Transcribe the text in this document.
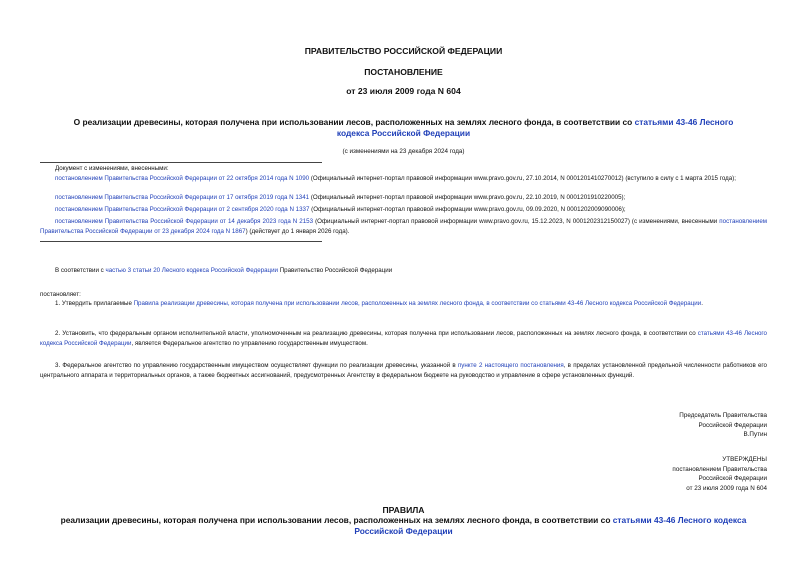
ПРАВИТЕЛЬСТВО РОССИЙСКОЙ ФЕДЕРАЦИИ
ПОСТАНОВЛЕНИЕ
от 23 июля 2009 года N 604
О реализации древесины, которая получена при использовании лесов, расположенных на землях лесного фонда, в соответствии со статьями 43-46 Лесного
кодекса Российской Федерации
(с изменениями на 23 декабря 2024 года)
Документ с изменениями, внесенными:
постановлением Правительства Российской Федерации от 22 октября 2014 года N 1090 (Официальный интернет-портал правовой информации www.pravo.gov.ru, 27.10.2014, N 0001201410270012) (вступило в силу с 1 марта 2015 года);
постановлением Правительства Российской Федерации от 17 октября 2019 года N 1341 (Официальный интернет-портал правовой информации www.pravo.gov.ru, 22.10.2019, N 0001201910220005);
постановлением Правительства Российской Федерации от 2 сентября 2020 года N 1337 (Официальный интернет-портал правовой информации www.pravo.gov.ru, 09.09.2020, N 0001202009090006);
постановлением Правительства Российской Федерации от 14 декабря 2023 года N 2153 (Официальный интернет-портал правовой информации www.pravo.gov.ru, 15.12.2023, N 0001202312150027) (с изменениями, внесенными постановлением Правительства Российской Федерации от 23 декабря 2024 года N 1867) (действует до 1 января 2026 года).
В соответствии с частью 3 статьи 20 Лесного кодекса Российской Федерации Правительство Российской Федерации
постановляет:
1. Утвердить прилагаемые Правила реализации древесины, которая получена при использовании лесов, расположенных на землях лесного фонда, в соответствии со статьями 43-46 Лесного кодекса Российской Федерации.
2. Установить, что федеральным органом исполнительной власти, уполномоченным на реализацию древесины, которая получена при использовании лесов, расположенных на землях лесного фонда, в соответствии со статьями 43-46 Лесного кодекса Российской Федерации, является Федеральное агентство по управлению государственным имуществом.
3. Федеральное агентство по управлению государственным имуществом осуществляет функции по реализации древесины, указанной в пункте 2 настоящего постановления, в пределах установленной предельной численности работников его центрального аппарата и территориальных органов, а также бюджетных ассигнований, предусмотренных Агентству в федеральном бюджете на руководство и управление в сфере установленных функций.
Председатель Правительства
Российской Федерации
В.Путин
УТВЕРЖДЕНЫ
постановлением Правительства
Российской Федерации
от 23 июля 2009 года N 604
ПРАВИЛА
реализации древесины, которая получена при использовании лесов, расположенных на землях лесного фонда, в соответствии со статьями 43-46 Лесного кодекса
Российской Федерации
